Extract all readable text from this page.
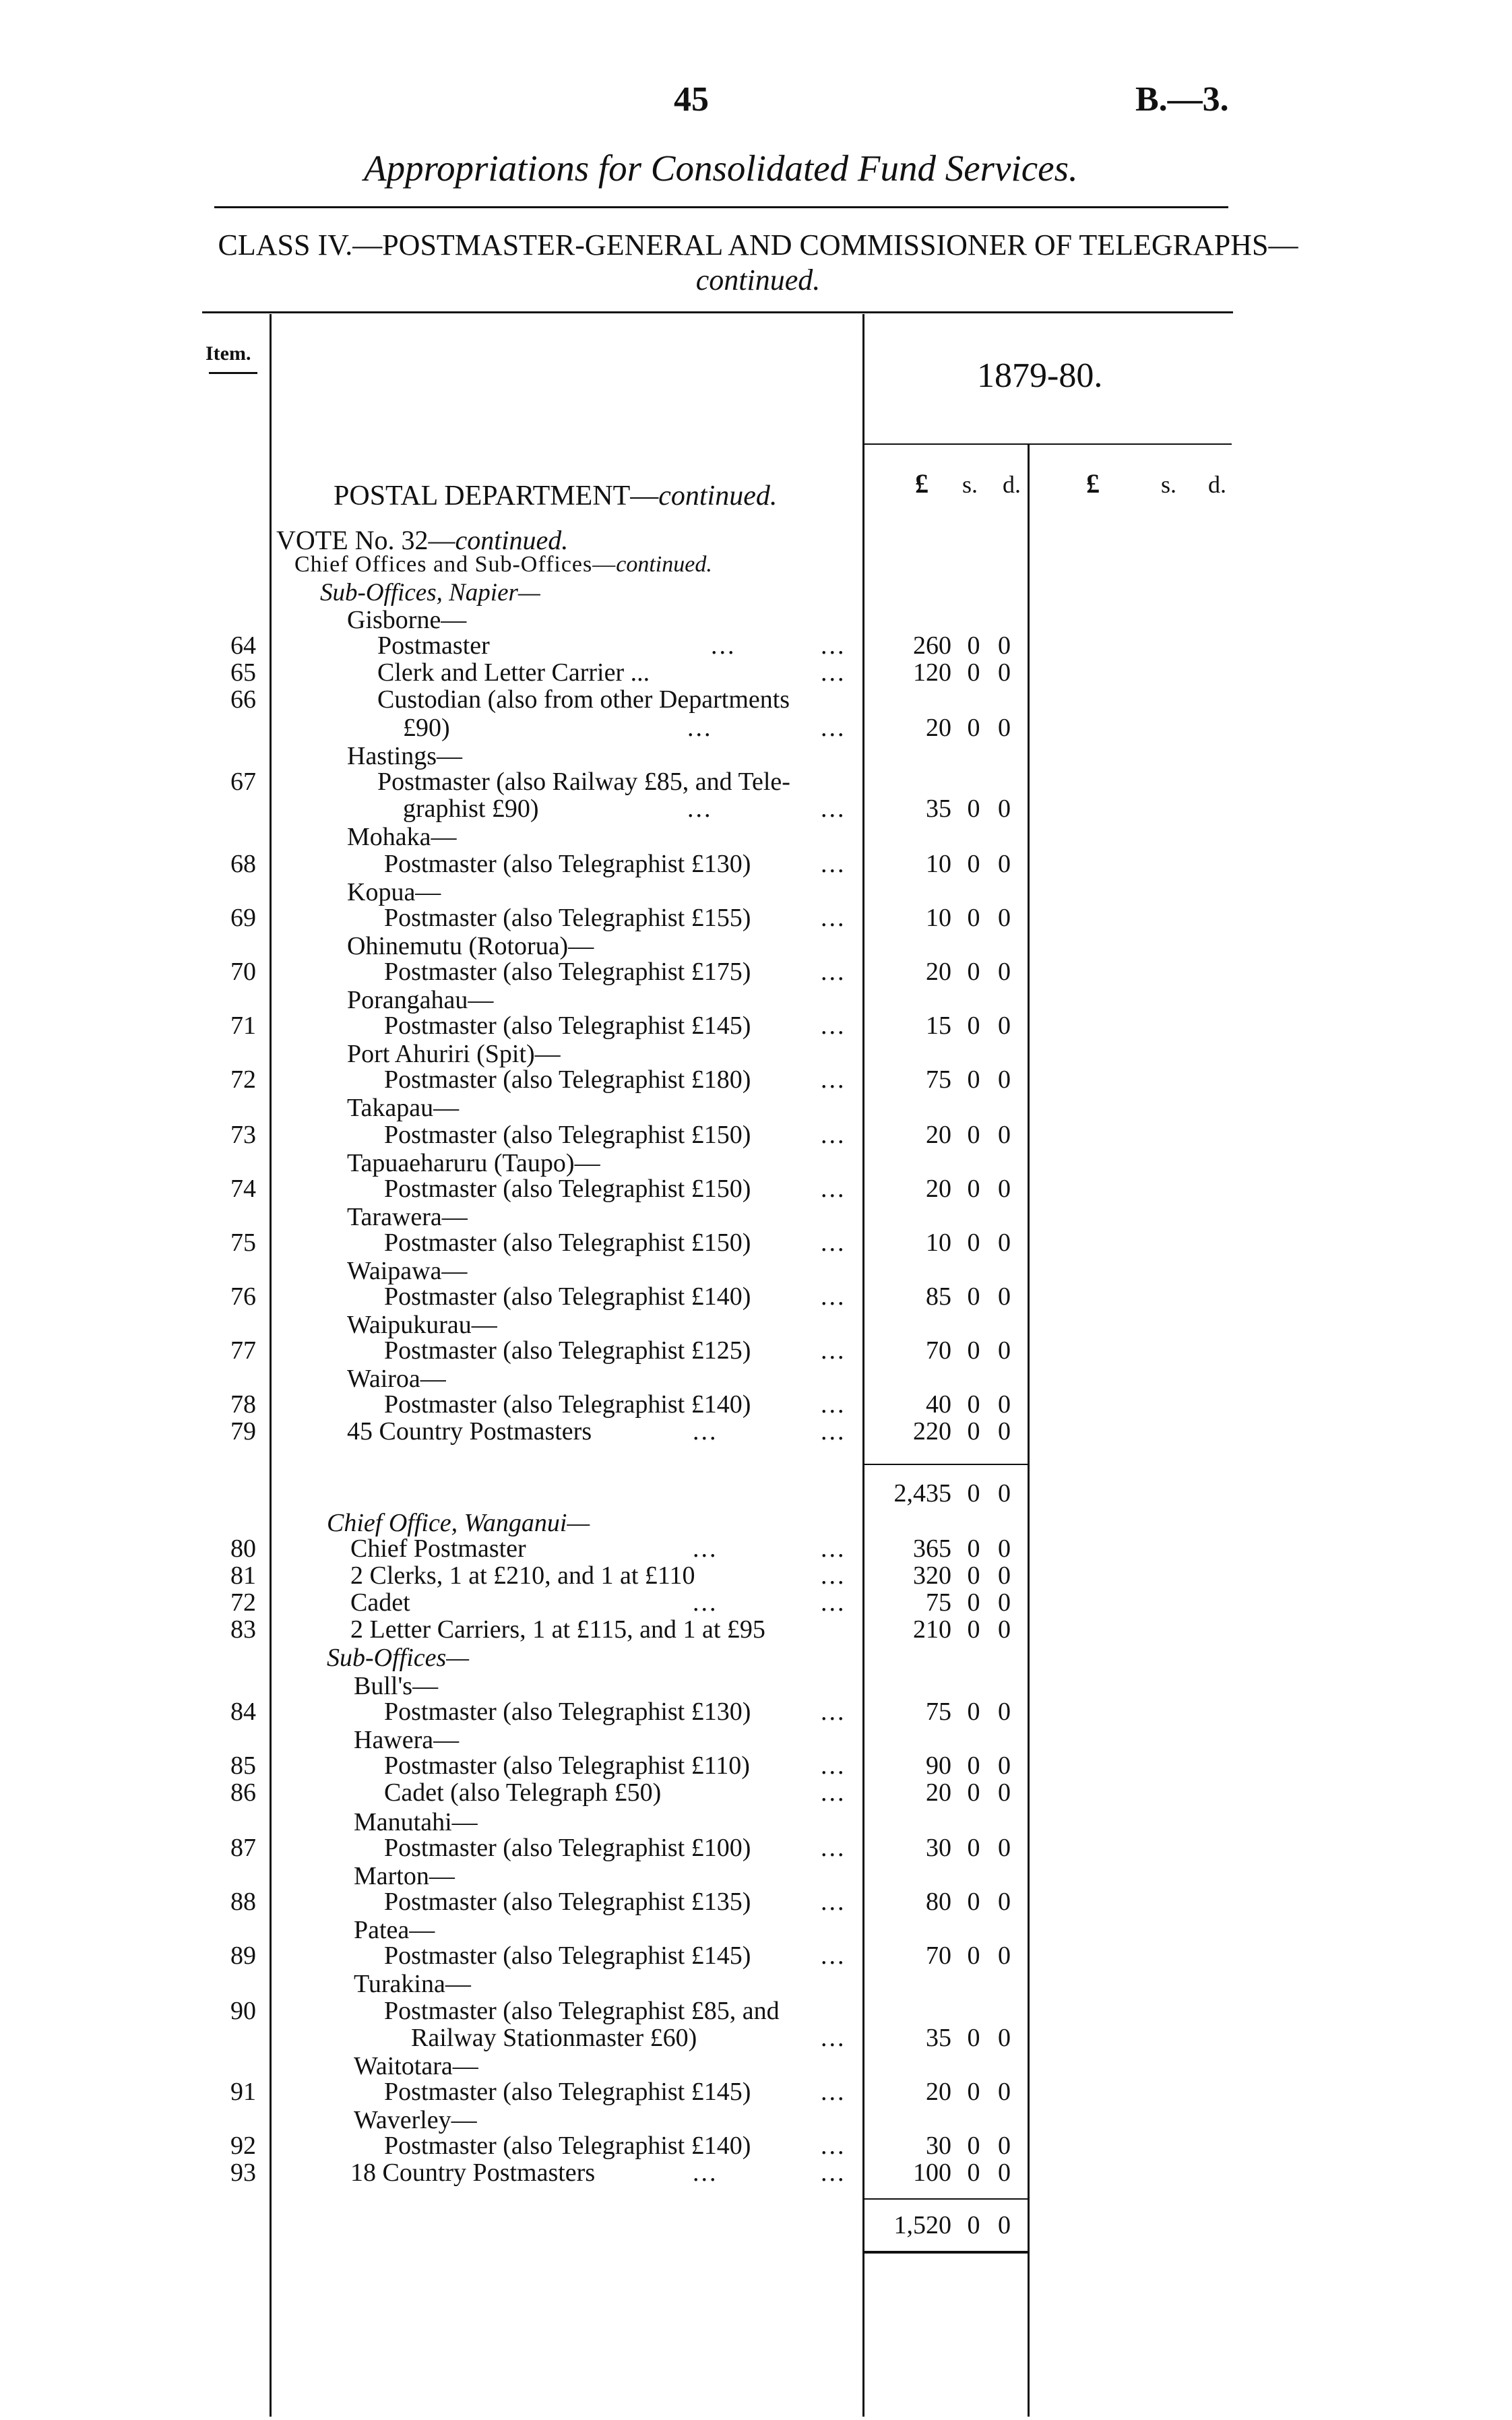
45	B.—3.
Appropriations for Consolidated Fund Services.
CLASS IV.—POSTMASTER-GENERAL AND COMMISSIONER OF TELEGRAPHS—continued.
Item.
1879-80.
£ s. d. £	s. d.
POSTAL DEPARTMENT—continued.
VOTE No. 32—continued.
Chief Offices and Sub-Offices—continued.
Sub-Offices, Napier—
Gisborne—
64	Postmaster	...	...	260 0 0
65	Clerk and Letter Carrier ...	...	120 0 0
66	Custodian (also from other Departments
£90)	...	...	20 0 0
Hastings—
67	Postmaster (also Railway £85, and Tele-
graphist £90)	...	...	35 0 0
Mohaka—
68	Postmaster (also Telegraphist £130)	...	10 0 0
Kopua—
69	Postmaster (also Telegraphist £155)	...	10 0 0
Ohinemutu (Rotorua)—
70	Postmaster (also Telegraphist £175)	...	20 0 0
Porangahau—
71	Postmaster (also Telegraphist £145)	...	15 0 0
Port Ahuriri (Spit)—
72	Postmaster (also Telegraphist £180)	...	75 0 0
Takapau—
73	Postmaster (also Telegraphist £150)	...	20 0 0
Tapuaeharuru (Taupo)—
74	Postmaster (also Telegraphist £150)	...	20 0 0
Tarawera—
75	Postmaster (also Telegraphist £150)	...	10 0 0
Waipawa—
76	Postmaster (also Telegraphist £140)	...	85 0 0
Waipukurau—
77	Postmaster (also Telegraphist £125)	...	70 0 0
Wairoa—
78	Postmaster (also Telegraphist £140)	...	40 0 0
79	45 Country Postmasters	...	...	220 0 0
2,435 0 0
Chief Office, Wanganui—
80	Chief Postmaster	...	...	365 0 0
81	2 Clerks, 1 at £210, and 1 at £110	...	320 0 0
72	Cadet	...	...	75 0 0
83	2 Letter Carriers, 1 at £115, and 1 at £95	210 0 0
Sub-Offices—
Bull's—
84	Postmaster (also Telegraphist £130)	...	75 0 0
Hawera—
85	Postmaster (also Telegraphist £110)	...	90 0 0
86	Cadet (also Telegraph £50)	...	20 0 0
Manutahi—
87	Postmaster (also Telegraphist £100)	...	30 0 0
Marton—
88	Postmaster (also Telegraphist £135)	...	80 0 0
Patea—
89	Postmaster (also Telegraphist £145)	...	70 0 0
Turakina—
90	Postmaster (also Telegraphist £85, and
Railway Stationmaster £60)	...	35 0 0
Waitotara—
91	Postmaster (also Telegraphist £145)	...	20 0 0
Waverley—
92	Postmaster (also Telegraphist £140)	...	30 0 0
93	18 Country Postmasters	...	...	100 0 0
1,520 0 0
